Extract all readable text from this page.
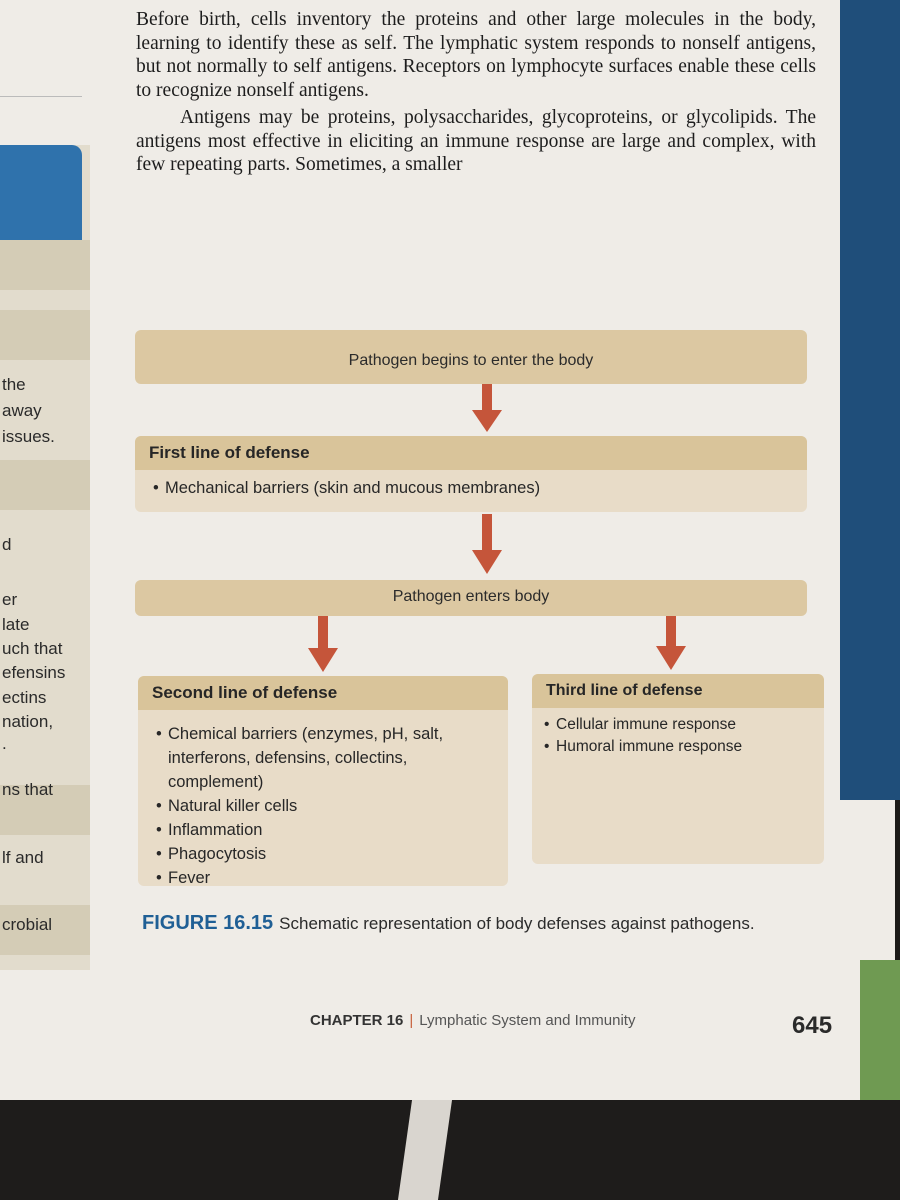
the
away
issues.
d
er
late
uch that
efensins
ectins
nation,
.
ns that
lf and
crobial

Before birth, cells inventory the proteins and other large molecules in the body, learning to identify these as self. The lymphatic system responds to nonself antigens, but not normally to self antigens. Receptors on lymphocyte surfaces enable these cells to recognize nonself antigens.

Antigens may be proteins, polysaccharides, glycoproteins, or glycolipids. The antigens most effective in eliciting an immune response are large and complex, with few repeating parts. Sometimes, a smaller

Pathogen begins to enter the body
First line of defense
• Mechanical barriers (skin and mucous membranes)
Pathogen enters body
Second line of defense
• Chemical barriers (enzymes, pH, salt, interferons, defensins, collectins, complement)
• Natural killer cells
• Inflammation
• Phagocytosis
• Fever
Third line of defense
• Cellular immune response
• Humoral immune response
FIGURE 16.15 Schematic representation of body defenses against pathogens.
CHAPTER 16 | Lymphatic System and Immunity	645
